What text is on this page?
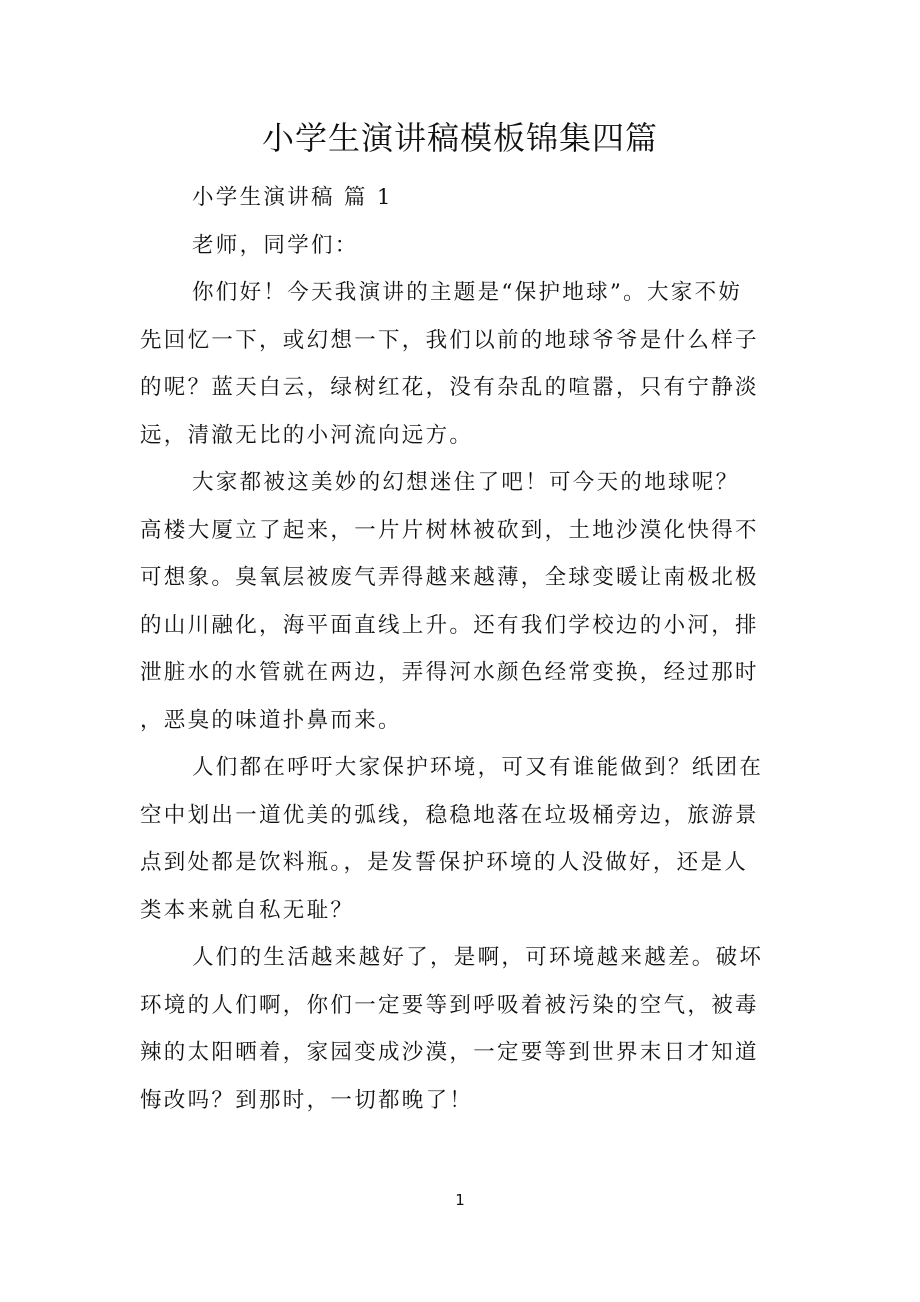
小学生演讲稿模板锦集四篇
小学生演讲稿 篇 1
老师，同学们：
你们好！今天我演讲的主题是“保护地球”。大家不妨
先回忆一下，或幻想一下，我们以前的地球爷爷是什么样子
的呢？蓝天白云，绿树红花，没有杂乱的喧嚣，只有宁静淡
远，清澈无比的小河流向远方。
大家都被这美妙的幻想迷住了吧！可今天的地球呢？
高楼大厦立了起来，一片片树林被砍到，土地沙漠化快得不
可想象。臭氧层被废气弄得越来越薄，全球变暖让南极北极
的山川融化，海平面直线上升。还有我们学校边的小河，排
泄脏水的水管就在两边，弄得河水颜色经常变换，经过那时
，恶臭的味道扑鼻而来。
人们都在呼吁大家保护环境，可又有谁能做到？纸团在
空中划出一道优美的弧线，稳稳地落在垃圾桶旁边，旅游景
点到处都是饮料瓶。，是发誓保护环境的人没做好，还是人
类本来就自私无耻？
人们的生活越来越好了，是啊，可环境越来越差。破坏
环境的人们啊，你们一定要等到呼吸着被污染的空气，被毒
辣的太阳晒着，家园变成沙漠，一定要等到世界末日才知道
悔改吗？到那时，一切都晚了！
1
